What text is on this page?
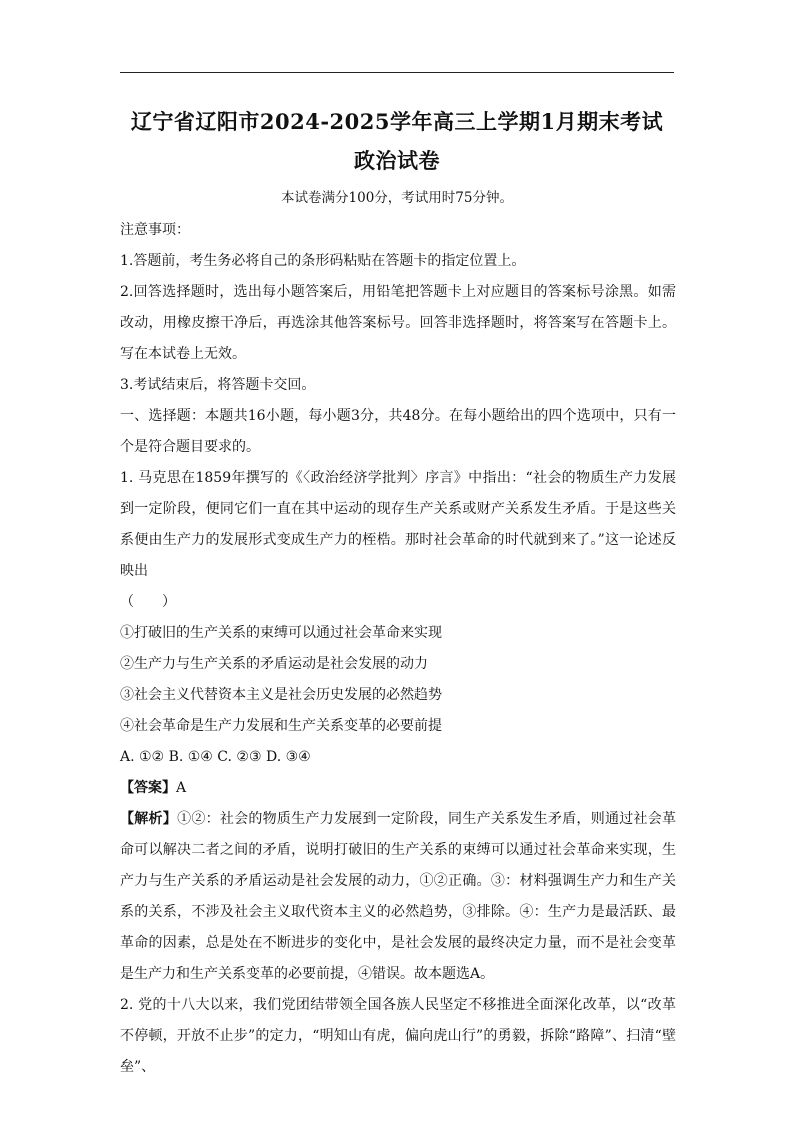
辽宁省辽阳市2024-2025学年高三上学期1月期末考试
政治试卷
本试卷满分100分，考试用时75分钟。

注意事项：

1.答题前，考生务必将自己的条形码粘贴在答题卡的指定位置上。

2.回答选择题时，选出每小题答案后，用铅笔把答题卡上对应题目的答案标号涂黑。如需改动，用橡皮擦干净后，再选涂其他答案标号。回答非选择题时，将答案写在答题卡上。写在本试卷上无效。

3.考试结束后，将答题卡交回。

一、选择题：本题共16小题，每小题3分，共48分。在每小题给出的四个选项中，只有一个是符合题目要求的。

1. 马克思在1859年撰写的《〈政治经济学批判〉序言》中指出：“社会的物质生产力发展到一定阶段，便同它们一直在其中运动的现存生产关系或财产关系发生矛盾。于是这些关系便由生产力的发展形式变成生产力的桎梏。那时社会革命的时代就到来了。”这一论述反映出

（　　）

①打破旧的生产关系的束缚可以通过社会革命来实现

②生产力与生产关系的矛盾运动是社会发展的动力

③社会主义代替资本主义是社会历史发展的必然趋势

④社会革命是生产力发展和生产关系变革的必要前提

A. ①② B. ①④ C. ②③ D. ③④

【答案】A

【解析】①②：社会的物质生产力发展到一定阶段，同生产关系发生矛盾，则通过社会革命可以解决二者之间的矛盾，说明打破旧的生产关系的束缚可以通过社会革命来实现，生产力与生产关系的矛盾运动是社会发展的动力，①②正确。③：材料强调生产力和生产关系的关系，不涉及社会主义取代资本主义的必然趋势，③排除。④：生产力是最活跃、最革命的因素，总是处在不断进步的变化中，是社会发展的最终决定力量，而不是社会变革是生产力和生产关系变革的必要前提，④错误。故本题选A。

2. 党的十八大以来，我们党团结带领全国各族人民坚定不移推进全面深化改革，以“改革不停顿，开放不止步”的定力，“明知山有虎，偏向虎山行”的勇毅，拆除“路障”、扫清“壁垒”、
